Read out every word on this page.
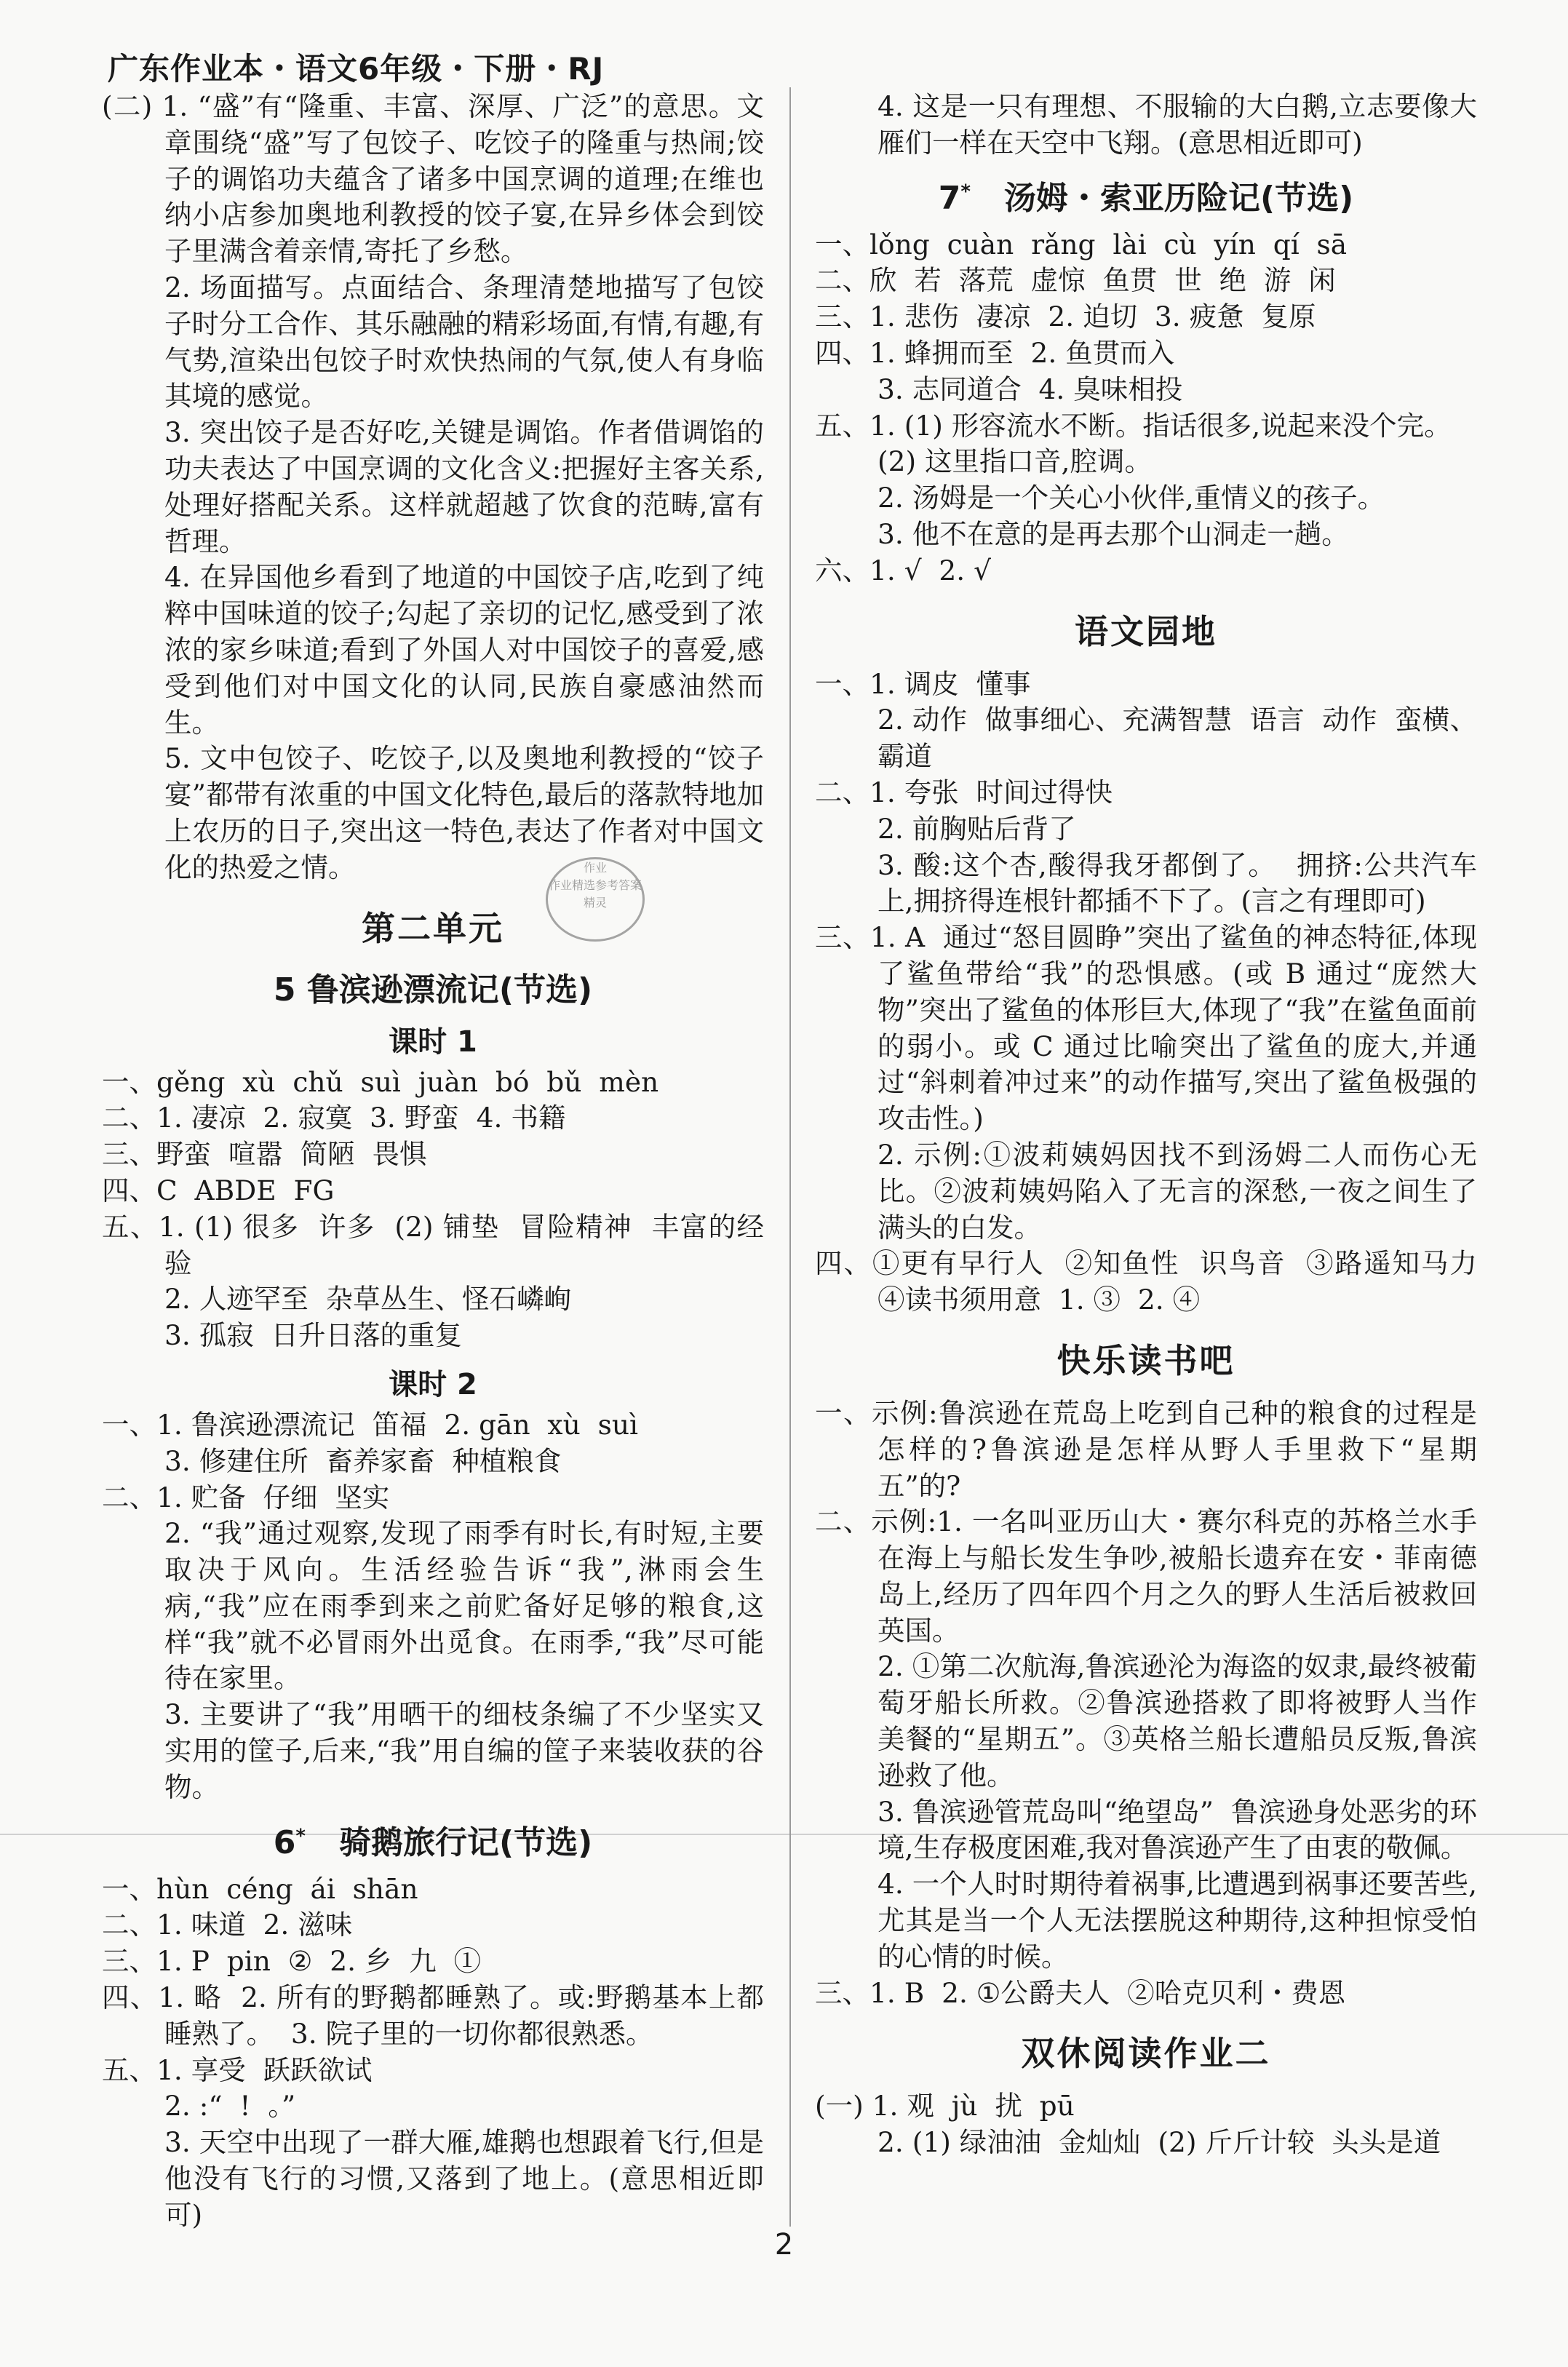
广东作业本・语文6年级・下册・RJ

(二) 1. “盛”有“隆重、丰富、深厚、广泛”的意思。文章围绕“盛”写了包饺子、吃饺子的隆重与热闹;饺子的调馅功夫蕴含了诸多中国烹调的道理;在维也纳小店参加奥地利教授的饺子宴,在异乡体会到饺子里满含着亲情,寄托了乡愁。

2. 场面描写。点面结合、条理清楚地描写了包饺子时分工合作、其乐融融的精彩场面,有情,有趣,有气势,渲染出包饺子时欢快热闹的气氛,使人有身临其境的感觉。

3. 突出饺子是否好吃,关键是调馅。作者借调馅的功夫表达了中国烹调的文化含义:把握好主客关系,处理好搭配关系。这样就超越了饮食的范畴,富有哲理。

4. 在异国他乡看到了地道的中国饺子店,吃到了纯粹中国味道的饺子;勾起了亲切的记忆,感受到了浓浓的家乡味道;看到了外国人对中国饺子的喜爱,感受到他们对中国文化的认同,民族自豪感油然而生。

5. 文中包饺子、吃饺子,以及奥地利教授的“饺子宴”都带有浓重的中国文化特色,最后的落款特地加上农历的日子,突出这一特色,表达了作者对中国文化的热爱之情。

第二单元
5 鲁滨逊漂流记(节选)
课时 1

一、gěng  xù  chǔ  suì  juàn  bó  bǔ  mèn

二、1. 凄凉  2. 寂寞  3. 野蛮  4. 书籍

三、野蛮  喧嚣  简陋  畏惧

四、C  ABDE  FG

五、1. (1) 很多  许多  (2) 铺垫  冒险精神  丰富的经验

2. 人迹罕至  杂草丛生、怪石嶙峋

3. 孤寂  日升日落的重复

课时 2

一、1. 鲁滨逊漂流记  笛福  2. gān  xù  suì

3. 修建住所  畜养家畜  种植粮食

二、1. 贮备  仔细  坚实

2. “我”通过观察,发现了雨季有时长,有时短,主要取决于风向。生活经验告诉“我”,淋雨会生病,“我”应在雨季到来之前贮备好足够的粮食,这样“我”就不必冒雨外出觅食。在雨季,“我”尽可能待在家里。

3. 主要讲了“我”用晒干的细枝条编了不少坚实又实用的筐子,后来,“我”用自编的筐子来装收获的谷物。

6* 骑鹅旅行记(节选)

一、hùn  céng  ái  shān

二、1. 味道  2. 滋味

三、1. P  pin  ②  2. 乡  九  ①

四、1. 略  2. 所有的野鹅都睡熟了。或:野鹅基本上都睡熟了。  3. 院子里的一切你都很熟悉。

五、1. 享受  跃跃欲试

2. :“  !  。”

3. 天空中出现了一群大雁,雄鹅也想跟着飞行,但是他没有飞行的习惯,又落到了地上。(意思相近即可)

作业
作业精选参考答案
精灵

4. 这是一只有理想、不服输的大白鹅,立志要像大雁们一样在天空中飞翔。(意思相近即可)

7* 汤姆・索亚历险记(节选)

一、lǒng  cuàn  rǎng  lài  cù  yín  qí  sā

二、欣  若  落荒  虚惊  鱼贯  世  绝  游  闲

三、1. 悲伤  凄凉  2. 迫切  3. 疲惫  复原

四、1. 蜂拥而至  2. 鱼贯而入

3. 志同道合  4. 臭味相投

五、1. (1) 形容流水不断。指话很多,说起来没个完。

(2) 这里指口音,腔调。

2. 汤姆是一个关心小伙伴,重情义的孩子。

3. 他不在意的是再去那个山洞走一趟。

六、1. √  2. √

语文园地

一、1. 调皮  懂事

2. 动作  做事细心、充满智慧  语言  动作  蛮横、霸道

二、1. 夸张  时间过得快

2. 前胸贴后背了

3. 酸:这个杏,酸得我牙都倒了。  拥挤:公共汽车上,拥挤得连根针都插不下了。(言之有理即可)

三、1. A  通过“怒目圆睁”突出了鲨鱼的神态特征,体现了鲨鱼带给“我”的恐惧感。(或 B 通过“庞然大物”突出了鲨鱼的体形巨大,体现了“我”在鲨鱼面前的弱小。或 C 通过比喻突出了鲨鱼的庞大,并通过“斜刺着冲过来”的动作描写,突出了鲨鱼极强的攻击性。)

2. 示例:①波莉姨妈因找不到汤姆二人而伤心无比。②波莉姨妈陷入了无言的深愁,一夜之间生了满头的白发。

四、①更有早行人  ②知鱼性  识鸟音  ③路遥知马力  ④读书须用意  1. ③  2. ④

快乐读书吧

一、示例:鲁滨逊在荒岛上吃到自己种的粮食的过程是怎样的?鲁滨逊是怎样从野人手里救下“星期五”的?

二、示例:1. 一名叫亚历山大・赛尔科克的苏格兰水手在海上与船长发生争吵,被船长遗弃在安・菲南德岛上,经历了四年四个月之久的野人生活后被救回英国。

2. ①第二次航海,鲁滨逊沦为海盗的奴隶,最终被葡萄牙船长所救。②鲁滨逊搭救了即将被野人当作美餐的“星期五”。③英格兰船长遭船员反叛,鲁滨逊救了他。

3. 鲁滨逊管荒岛叫“绝望岛”  鲁滨逊身处恶劣的环境,生存极度困难,我对鲁滨逊产生了由衷的敬佩。

4. 一个人时时期待着祸事,比遭遇到祸事还要苦些,尤其是当一个人无法摆脱这种期待,这种担惊受怕的心情的时候。

三、1. B  2. ①公爵夫人  ②哈克贝利・费恩

双休阅读作业二

(一) 1. 观  jù  扰  pū

2. (1) 绿油油  金灿灿  (2) 斤斤计较  头头是道

2
